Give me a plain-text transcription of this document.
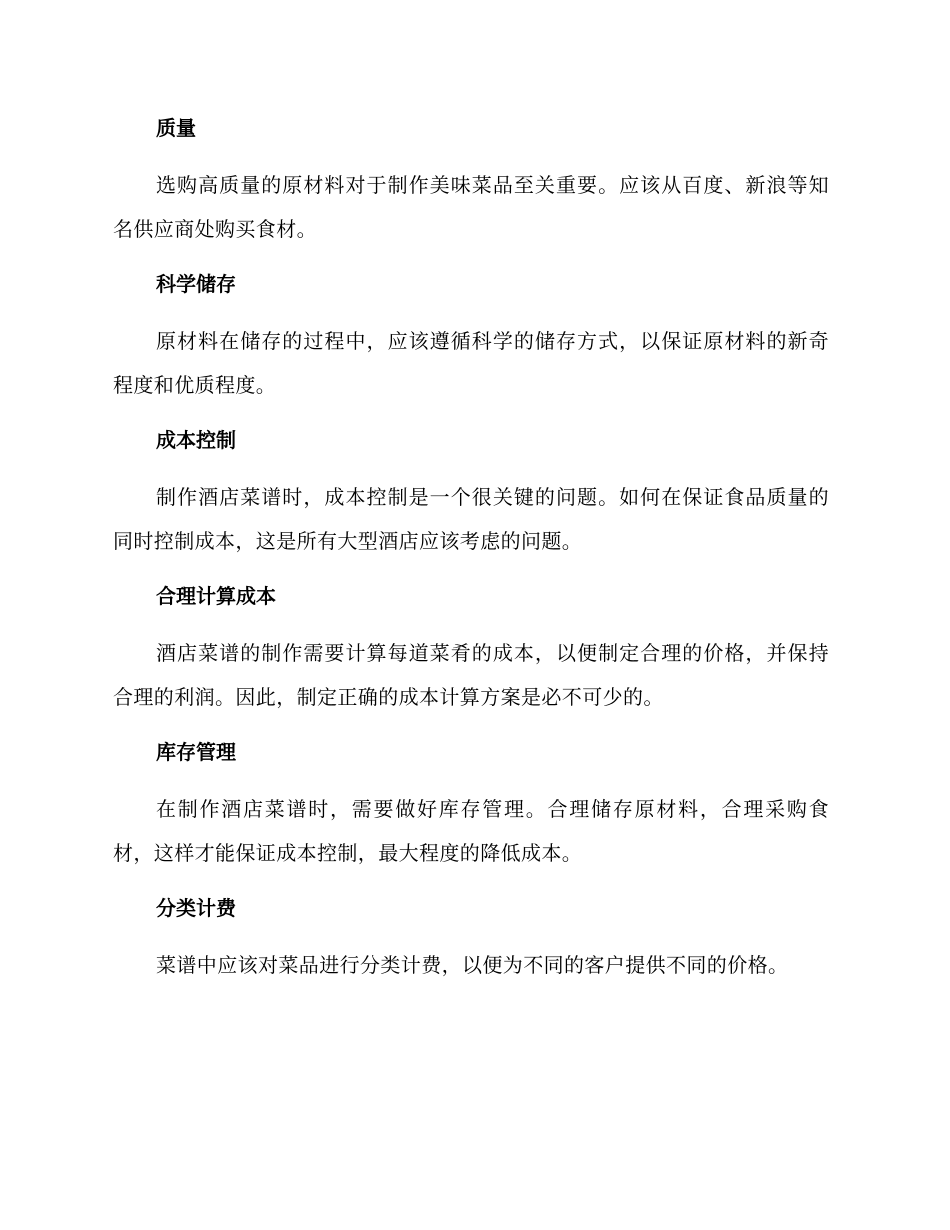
质量

选购高质量的原材料对于制作美味菜品至关重要。应该从百度、新浪等知名供应商处购买食材。

科学储存

原材料在储存的过程中，应该遵循科学的储存方式，以保证原材料的新奇程度和优质程度。

成本控制

制作酒店菜谱时，成本控制是一个很关键的问题。如何在保证食品质量的同时控制成本，这是所有大型酒店应该考虑的问题。

合理计算成本

酒店菜谱的制作需要计算每道菜肴的成本，以便制定合理的价格，并保持合理的利润。因此，制定正确的成本计算方案是必不可少的。

库存管理

在制作酒店菜谱时，需要做好库存管理。合理储存原材料，合理采购食材，这样才能保证成本控制，最大程度的降低成本。

分类计费

菜谱中应该对菜品进行分类计费，以便为不同的客户提供不同的价格。
